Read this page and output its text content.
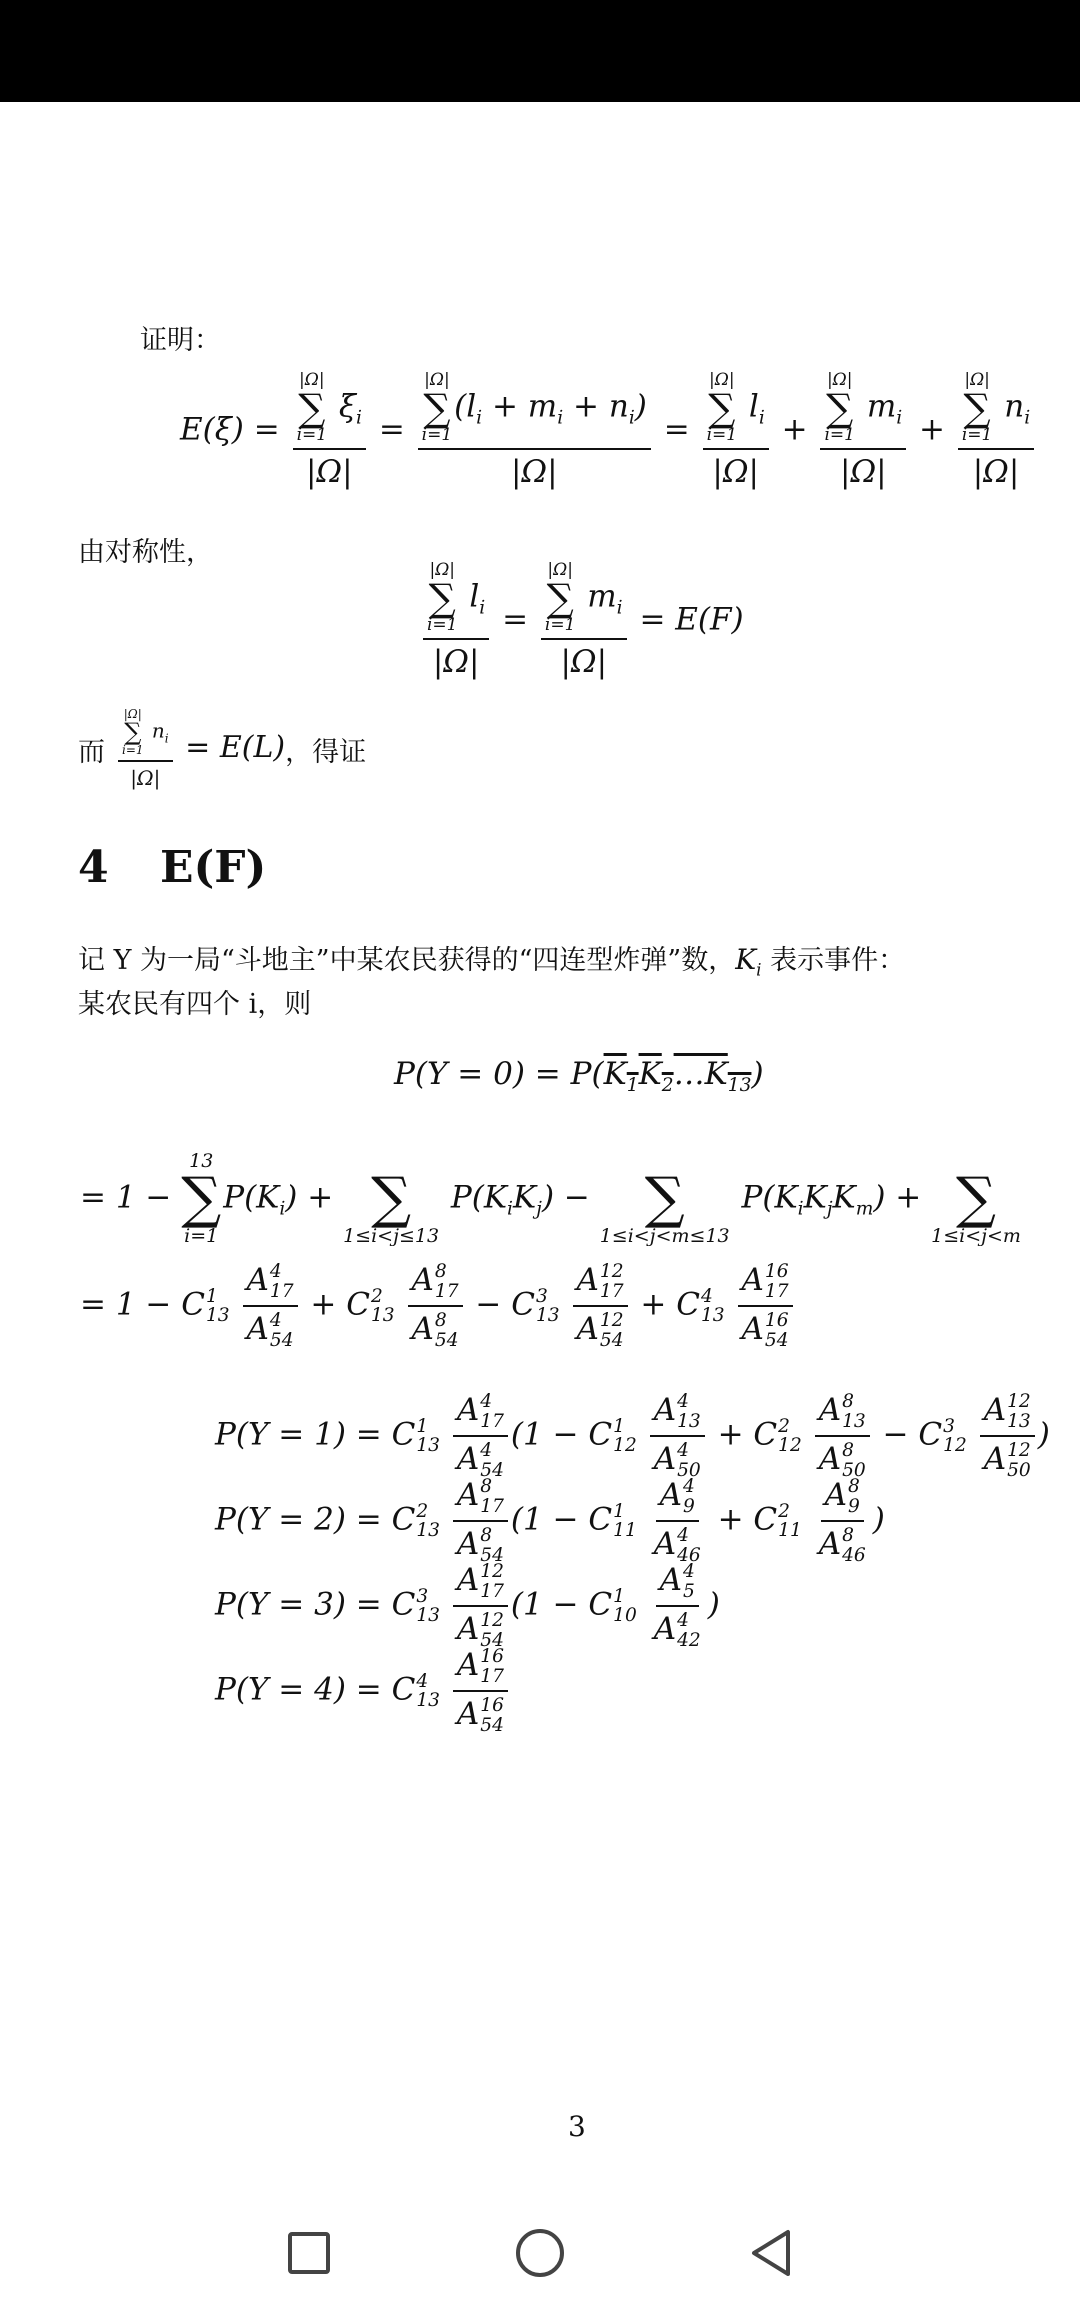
证明：
E(ξ) = |Ω|
∑
i=1
$\xi_i$
|Ω| = |Ω|
∑
i=1
$(l_i + m_i + n_i)$
|Ω| = |Ω|
∑
i=1
$l_i$
|Ω| + |Ω|
∑
i=1
$m_i$
|Ω| + |Ω|
∑
i=1
$n_i$
|Ω|
由对称性，
|Ω|
∑
i=1
$l_i$
|Ω| = |Ω|
∑
i=1
$m_i$
|Ω| = E(F)
而 |Ω|
∑
i=1
$n_i$
|Ω| = E(L) ，得证
4 E(F)
记 Y 为一局“斗地主”中某农民获得的“四连型炸弹”数，$K_i$ 表示事件：
某农民有四个 i，则
$P(Y = 0) = P(K_1K_2\dots K_{13})$
= 1 −
13
∑
i=1
$P(K_i)$ +
∑
1≤i<j≤13
$P(K_iK_j)$ −
∑
1≤i<j<m≤13
$P(K_iK_jK_m)$ +
∑
1≤i<j<m
= 1 − C 1
13
A 4
17
A 4
54 + C 2
13
A 8
17
A 8
54 − C 3
13
A 12
17
A 12
54 + C 4
13
A 16
17
A 16
54
P(Y = 1) = C 1
13
A 4
17
A 4
54 (1 − C 1
12
A 4
13
A 4
50 + C 2
12
A 8
13
A 8
50 − C 3
12
A 12
13
A 12
50 )
P(Y = 2) = C 2
13
A 8
17
A 8
54 (1 − C 1
11
A 4
9
A 4
46 + C 2
11
A 8
9
A 8
46 )
P(Y = 3) = C 3
13
A 12
17
A 12
54 (1 − C 1
10
A 4
5
A 4
42 )
P(Y = 4) = C 4
13
A 16
17
A 16
54
3
